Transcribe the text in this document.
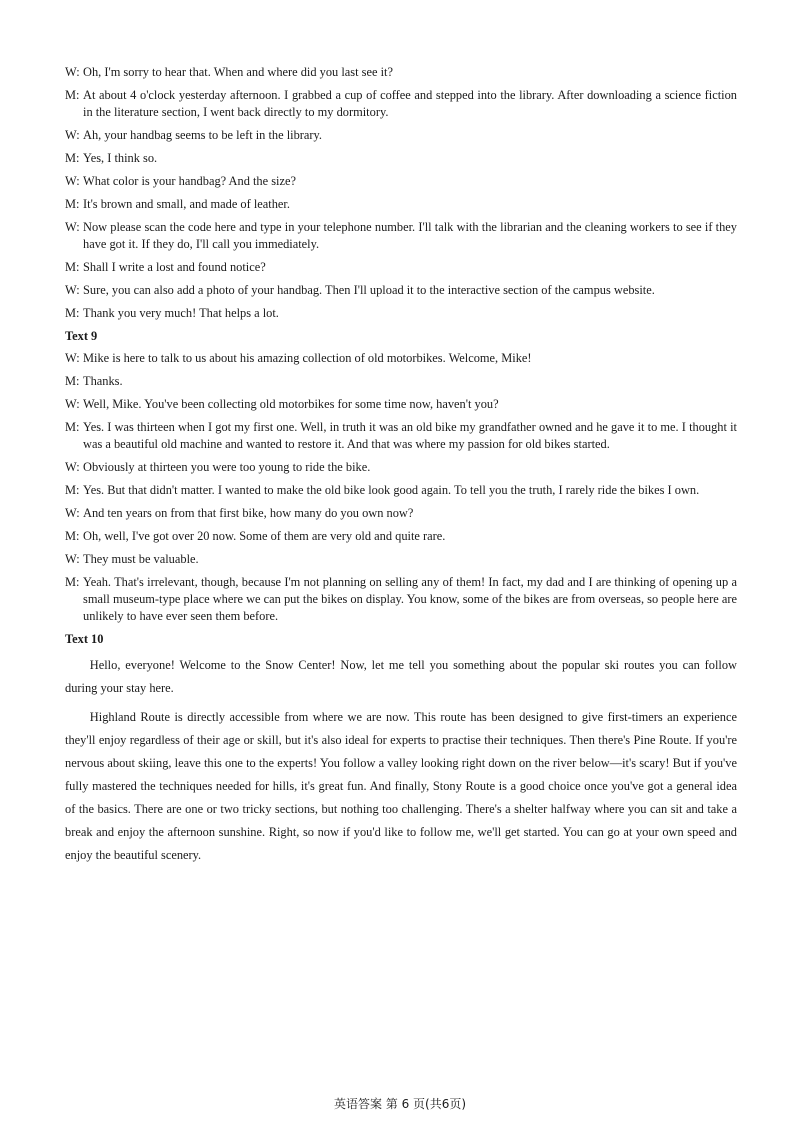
W: Oh, I'm sorry to hear that. When and where did you last see it?
M: At about 4 o'clock yesterday afternoon. I grabbed a cup of coffee and stepped into the library. After downloading a science fiction in the literature section, I went back directly to my dormitory.
W: Ah, your handbag seems to be left in the library.
M: Yes, I think so.
W: What color is your handbag? And the size?
M: It's brown and small, and made of leather.
W: Now please scan the code here and type in your telephone number. I'll talk with the librarian and the cleaning workers to see if they have got it. If they do, I'll call you immediately.
M: Shall I write a lost and found notice?
W: Sure, you can also add a photo of your handbag. Then I'll upload it to the interactive section of the campus website.
M: Thank you very much! That helps a lot.
Text 9
W: Mike is here to talk to us about his amazing collection of old motorbikes. Welcome, Mike!
M: Thanks.
W: Well, Mike. You've been collecting old motorbikes for some time now, haven't you?
M: Yes. I was thirteen when I got my first one. Well, in truth it was an old bike my grandfather owned and he gave it to me. I thought it was a beautiful old machine and wanted to restore it. And that was where my passion for old bikes started.
W: Obviously at thirteen you were too young to ride the bike.
M: Yes. But that didn't matter. I wanted to make the old bike look good again. To tell you the truth, I rarely ride the bikes I own.
W: And ten years on from that first bike, how many do you own now?
M: Oh, well, I've got over 20 now. Some of them are very old and quite rare.
W: They must be valuable.
M: Yeah. That's irrelevant, though, because I'm not planning on selling any of them! In fact, my dad and I are thinking of opening up a small museum-type place where we can put the bikes on display. You know, some of the bikes are from overseas, so people here are unlikely to have ever seen them before.
Text 10

Hello, everyone! Welcome to the Snow Center! Now, let me tell you something about the popular ski routes you can follow during your stay here.

Highland Route is directly accessible from where we are now. This route has been designed to give first-timers an experience they'll enjoy regardless of their age or skill, but it's also ideal for experts to practise their techniques. Then there's Pine Route. If you're nervous about skiing, leave this one to the experts! You follow a valley looking right down on the river below—it's scary! But if you've fully mastered the techniques needed for hills, it's great fun. And finally, Stony Route is a good choice once you've got a general idea of the basics. There are one or two tricky sections, but nothing too challenging. There's a shelter halfway where you can sit and take a break and enjoy the afternoon sunshine. Right, so now if you'd like to follow me, we'll get started. You can go at your own speed and enjoy the beautiful scenery.

英语答案 第 6 页(共6页)
